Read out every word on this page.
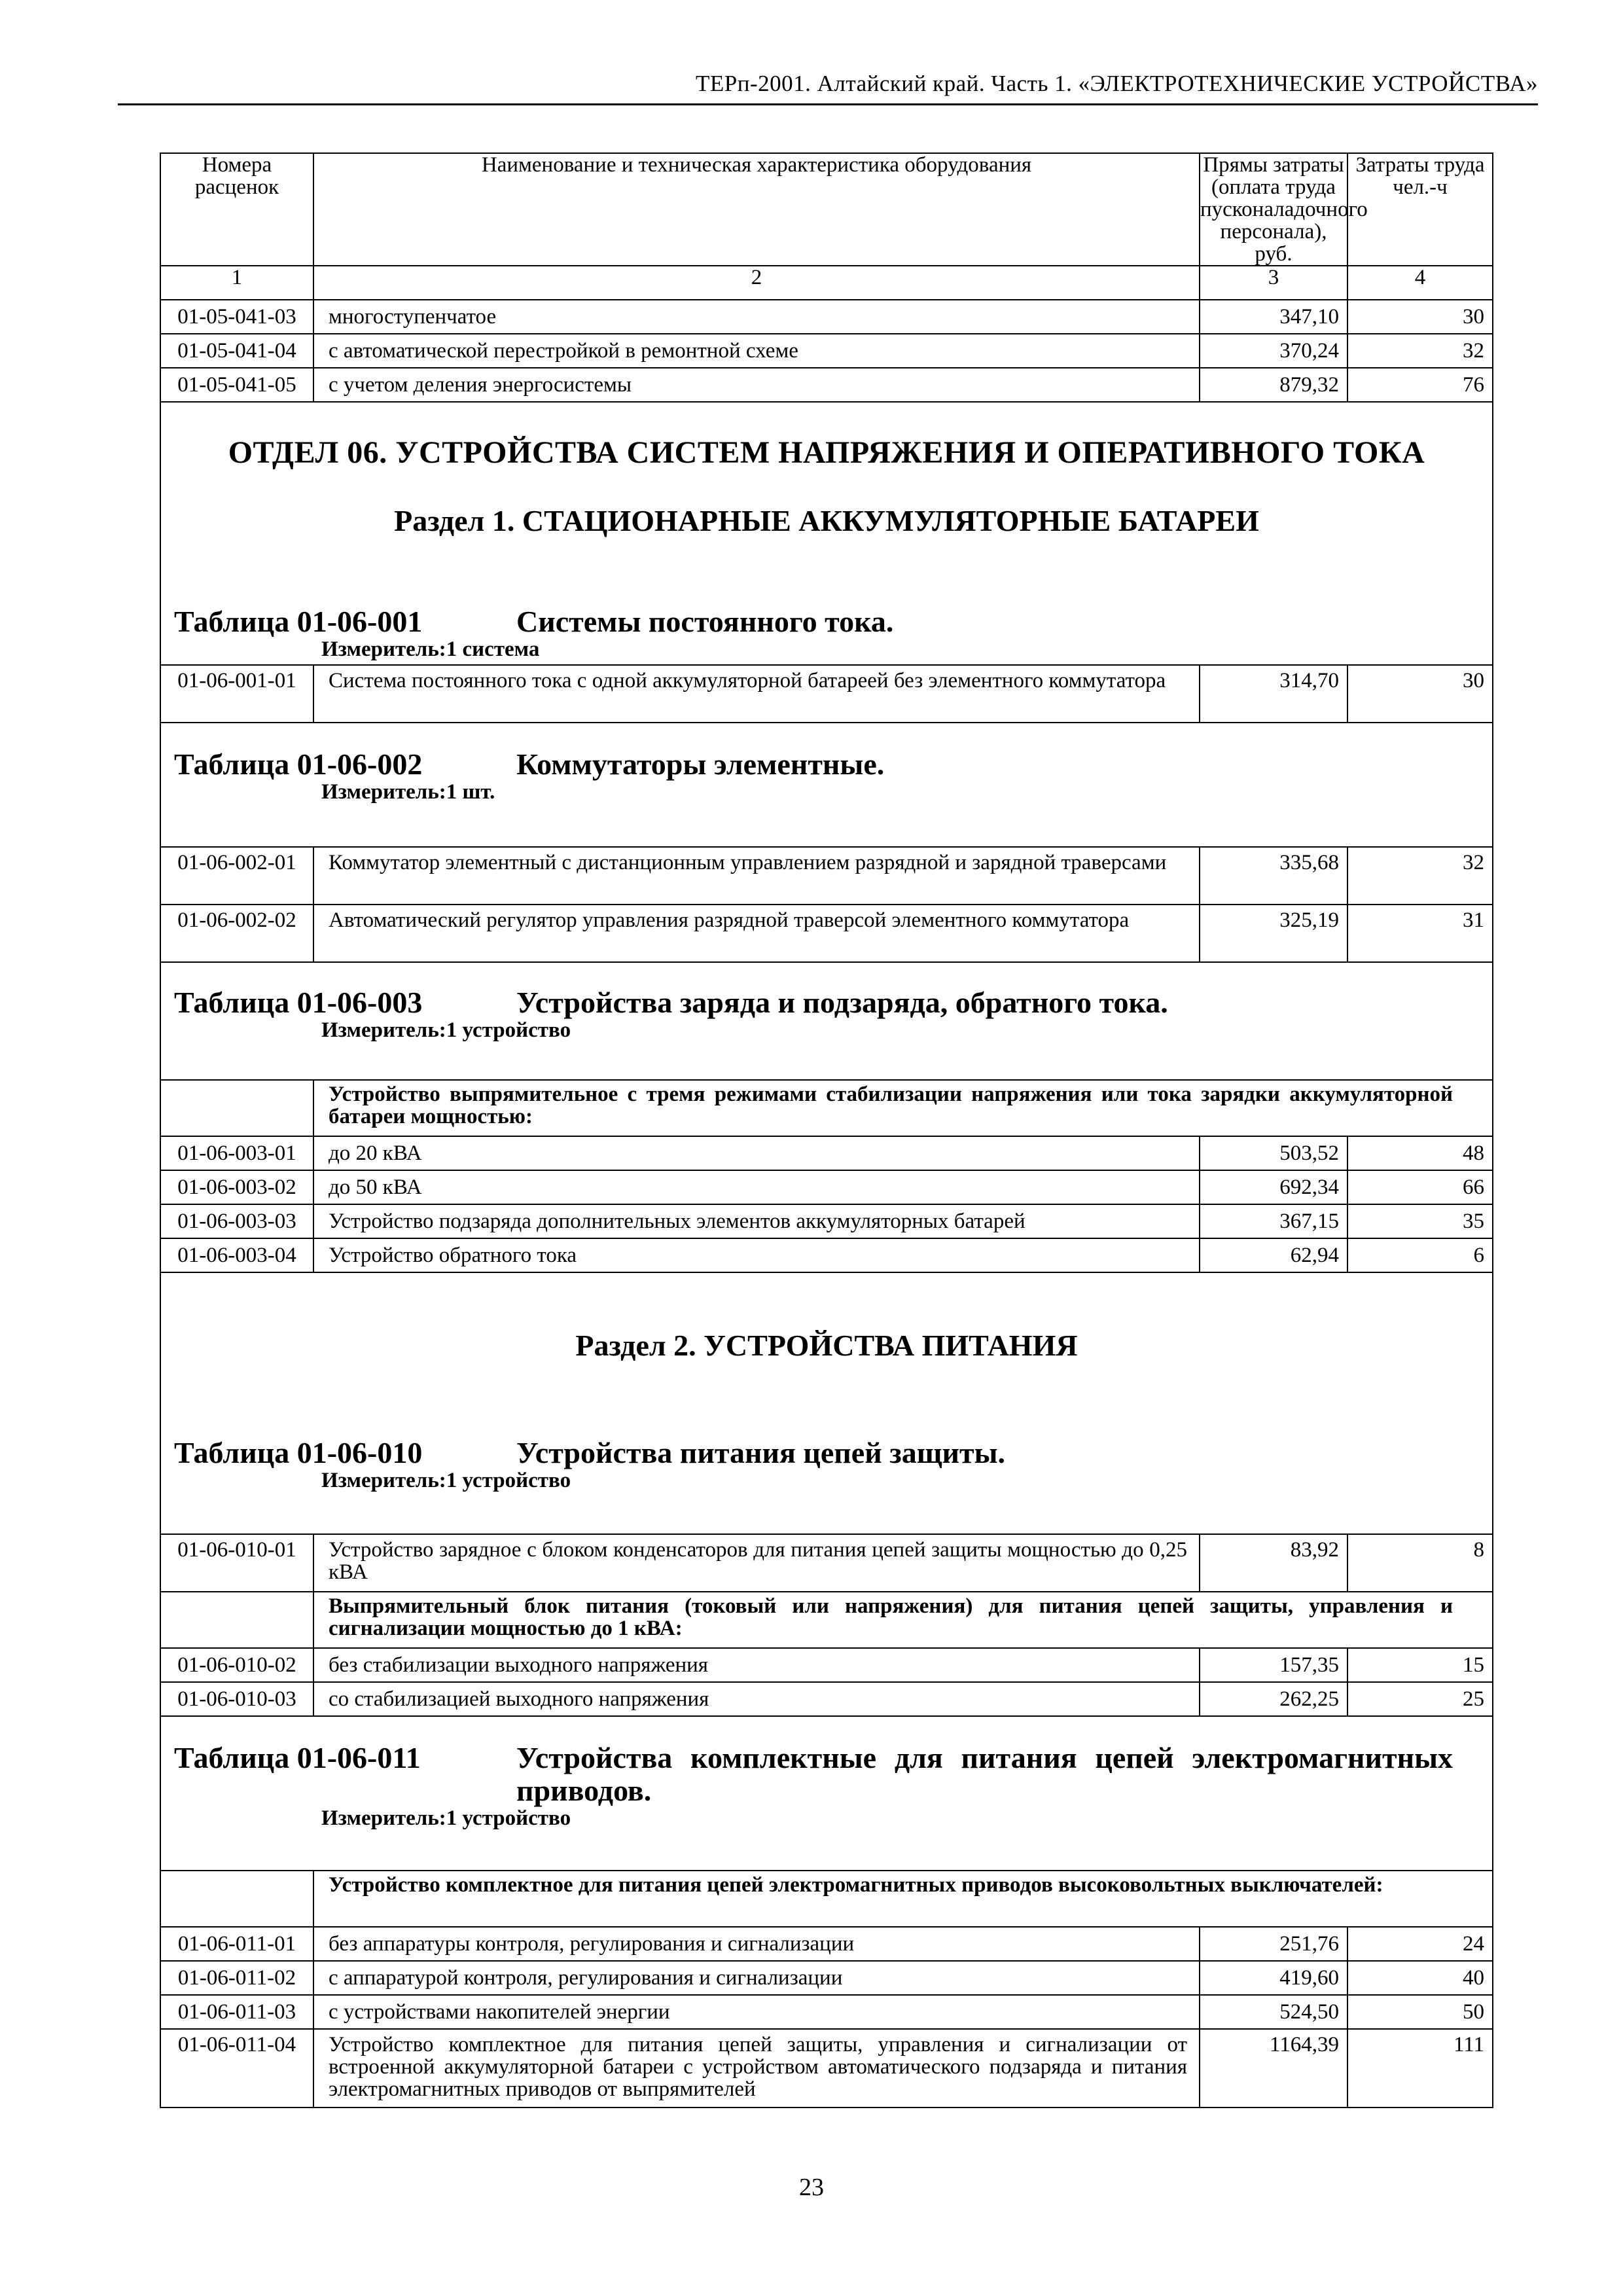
ТЕРп-2001. Алтайский край. Часть 1. «ЭЛЕКТРОТЕХНИЧЕСКИЕ УСТРОЙСТВА»
Номера расценок	Наименование и техническая характеристика оборудования	Прямы затраты (оплата труда пусконаладочного персонала), руб.	Затраты труда чел.-ч
1	2	3	4
01-05-041-03	многоступенчатое	347,10	30
01-05-041-04	с автоматической перестройкой в ремонтной схеме	370,24	32
01-05-041-05	с учетом деления энергосистемы	879,32	76

ОТДЕЛ 06. УСТРОЙСТВА СИСТЕМ НАПРЯЖЕНИЯ И ОПЕРАТИВНОГО ТОКА
Раздел 1. СТАЦИОНАРНЫЕ АККУМУЛЯТОРНЫЕ БАТАРЕИ
Таблица 01-06-001 Системы постоянного тока.
Измеритель:1 система			

01-06-001-01	Система постоянного тока с одной аккумуляторной батареей без элементного коммутатора	314,70	30

Таблица 01-06-002 Коммутаторы элементные.
Измеритель:1 шт.			

01-06-002-01	Коммутатор элементный с дистанционным управлением разрядной и зарядной траверсами	335,68	32
01-06-002-02	Автоматический регулятор управления разрядной траверсой элементного коммутатора	325,19	31

Таблица 01-06-003 Устройства заряда и подзаряда, обратного тока.
Измеритель:1 устройство			

	Устройство выпрямительное с тремя режимами стабилизации напряжения или тока зарядки аккумуляторной батареи мощностью:		

01-06-003-01	до 20 кВА	503,52	48
01-06-003-02	до 50 кВА	692,34	66
01-06-003-03	Устройство подзаряда дополнительных элементов аккумуляторных батарей	367,15	35
01-06-003-04	Устройство обратного тока	62,94	6

Раздел 2. УСТРОЙСТВА ПИТАНИЯ
Таблица 01-06-010 Устройства питания цепей защиты.
Измеритель:1 устройство			

01-06-010-01	Устройство зарядное с блоком конденсаторов для питания цепей защиты мощностью до 0,25 кВА	83,92	8

	Выпрямительный блок питания (токовый или напряжения) для питания цепей защиты, управления и сигнализации мощностью до 1 кВА:		

01-06-010-02	без стабилизации выходного напряжения	157,35	15
01-06-010-03	со стабилизацией выходного напряжения	262,25	25

Таблица 01-06-011 Устройства комплектные для питания цепей электромагнитных приводов.
Измеритель:1 устройство			

	Устройство комплектное для питания цепей электромагнитных приводов высоковольтных выключателей:		

01-06-011-01	без аппаратуры контроля, регулирования и сигнализации	251,76	24
01-06-011-02	с аппаратурой контроля, регулирования и сигнализации	419,60	40
01-06-011-03	с устройствами накопителей энергии	524,50	50
01-06-011-04	Устройство комплектное для питания цепей защиты, управления и сигнализации от встроенной аккумуляторной батареи с устройством автоматического подзаряда и питания электромагнитных приводов от выпрямителей	1164,39	111
23
